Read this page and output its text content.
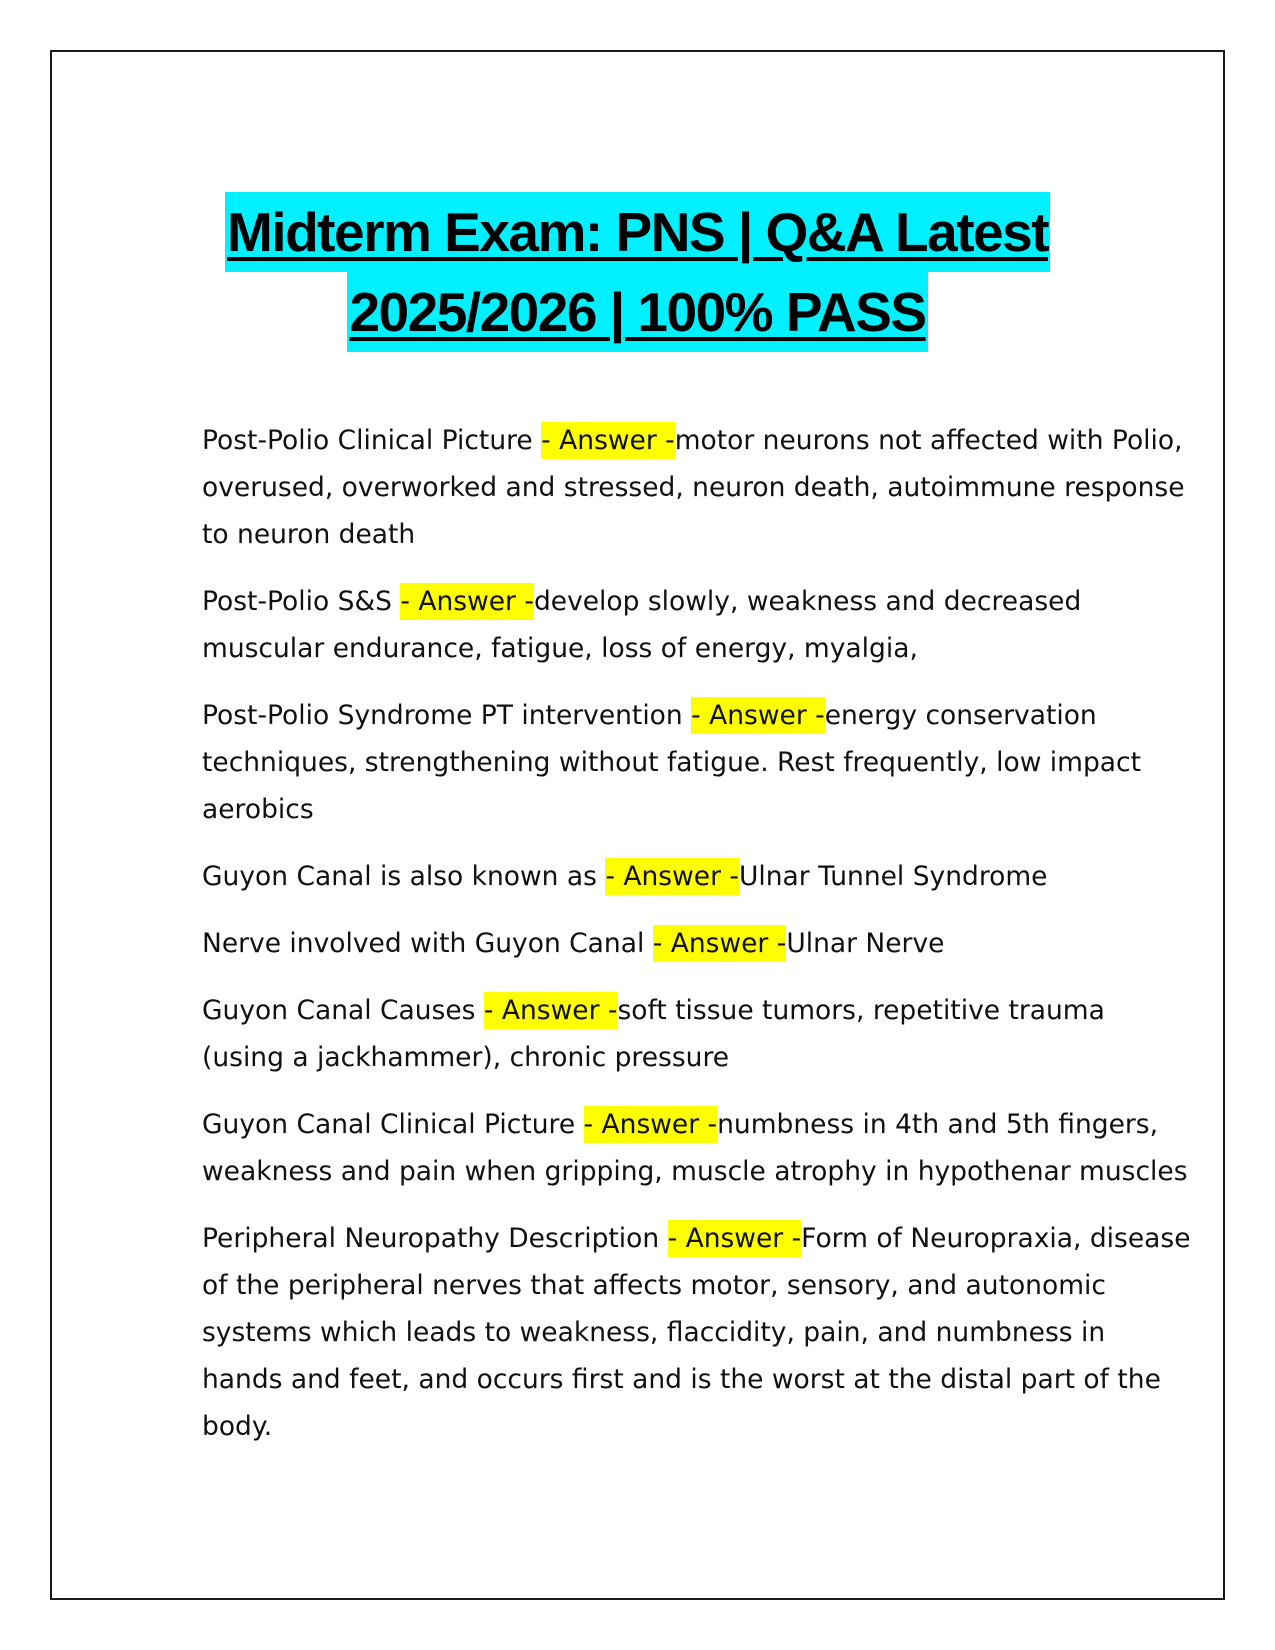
Midterm Exam: PNS | Q&A Latest
2025/2026 | 100% PASS

Post-Polio Clinical Picture - Answer -motor neurons not affected with Polio, overused, overworked and stressed, neuron death, autoimmune response to neuron death

Post-Polio S&S - Answer -develop slowly, weakness and decreased muscular endurance, fatigue, loss of energy, myalgia,

Post-Polio Syndrome PT intervention - Answer -energy conservation techniques, strengthening without fatigue. Rest frequently, low impact aerobics

Guyon Canal is also known as - Answer -Ulnar Tunnel Syndrome

Nerve involved with Guyon Canal - Answer -Ulnar Nerve

Guyon Canal Causes - Answer -soft tissue tumors, repetitive trauma (using a jackhammer), chronic pressure

Guyon Canal Clinical Picture - Answer -numbness in 4th and 5th fingers, weakness and pain when gripping, muscle atrophy in hypothenar muscles

Peripheral Neuropathy Description - Answer -Form of Neuropraxia, disease of the peripheral nerves that affects motor, sensory, and autonomic systems which leads to weakness, flaccidity, pain, and numbness in hands and feet, and occurs first and is the worst at the distal part of the body.
